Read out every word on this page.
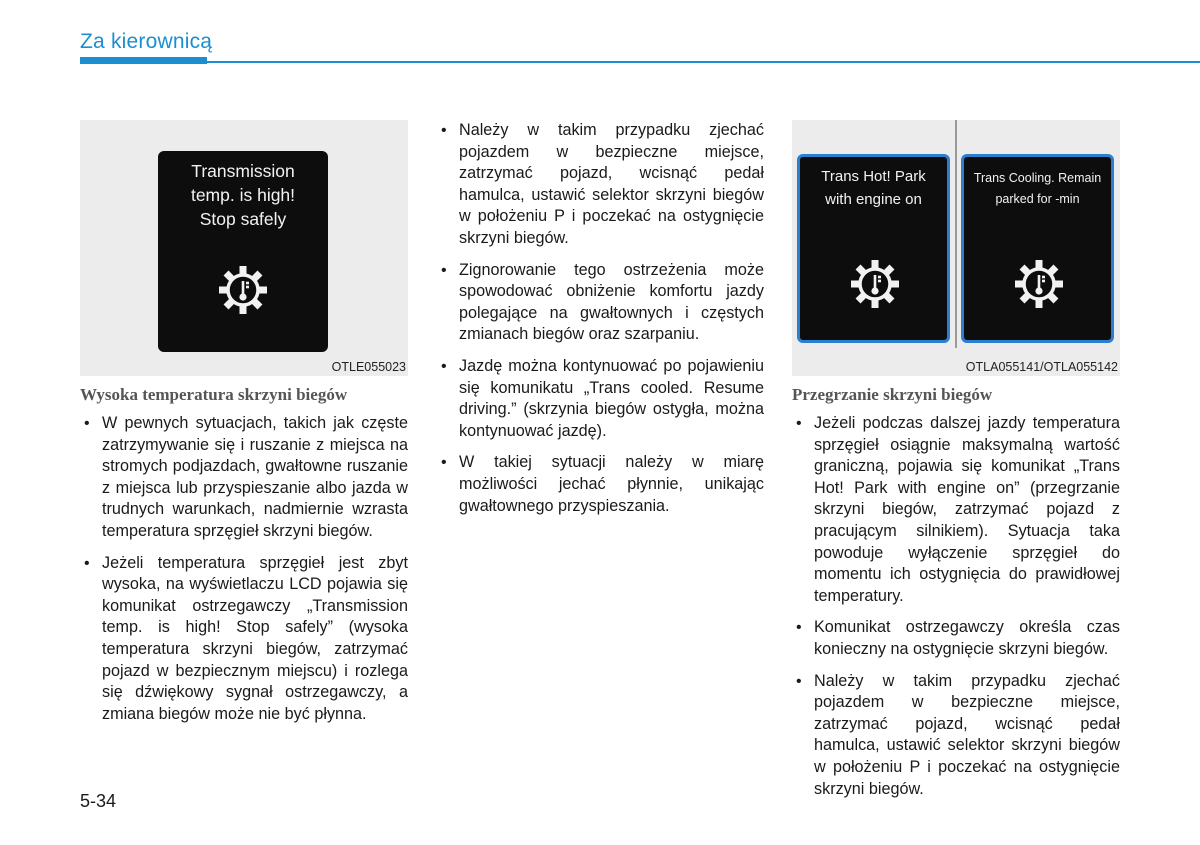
Za kierownicą
Transmission
temp. is high!
Stop safely
OTLE055023
Wysoka temperatura skrzyni biegów
• W pewnych sytuacjach, takich jak częste zatrzymywanie się i ruszanie z miejsca na stromych podjazdach, gwałtowne ruszanie z miejsca lub przyspieszanie albo jazda w trudnych warunkach, nadmiernie wzrasta temperatura sprzęgieł skrzyni biegów.
• Jeżeli temperatura sprzęgieł jest zbyt wysoka, na wyświetlaczu LCD pojawia się komunikat ostrzegawczy „Transmission temp. is high! Stop safely” (wysoka temperatura skrzyni biegów, zatrzymać pojazd w bezpiecznym miejscu) i rozlega się dźwiękowy sygnał ostrzegawczy, a zmiana biegów może nie być płynna.
• Należy w takim przypadku zjechać pojazdem w bezpieczne miejsce, zatrzymać pojazd, wcisnąć pedał hamulca, ustawić selektor skrzyni biegów w położeniu P i poczekać na ostygnięcie skrzyni biegów.
• Zignorowanie tego ostrzeżenia może spowodować obniżenie komfortu jazdy polegające na gwałtownych i częstych zmianach biegów oraz szarpaniu.
• Jazdę można kontynuować po pojawieniu się komunikatu „Trans cooled. Resume driving.” (skrzynia biegów ostygła, można kontynuować jazdę).
• W takiej sytuacji należy w miarę możliwości jechać płynnie, unikając gwałtownego przyspieszania.
Trans Hot! Park
with engine on
Trans Cooling. Remain
parked for -min
OTLA055141/OTLA055142
Przegrzanie skrzyni biegów
• Jeżeli podczas dalszej jazdy temperatura sprzęgieł osiągnie maksymalną wartość graniczną, pojawia się komunikat „Trans Hot! Park with engine on” (przegrzanie skrzyni biegów, zatrzymać pojazd z pracującym silnikiem). Sytuacja taka powoduje wyłączenie sprzęgieł do momentu ich ostygnięcia do prawidłowej temperatury.
• Komunikat ostrzegawczy określa czas konieczny na ostygnięcie skrzyni biegów.
• Należy w takim przypadku zjechać pojazdem w bezpieczne miejsce, zatrzymać pojazd, wcisnąć pedał hamulca, ustawić selektor skrzyni biegów w położeniu P i poczekać na ostygnięcie skrzyni biegów.
5-34
